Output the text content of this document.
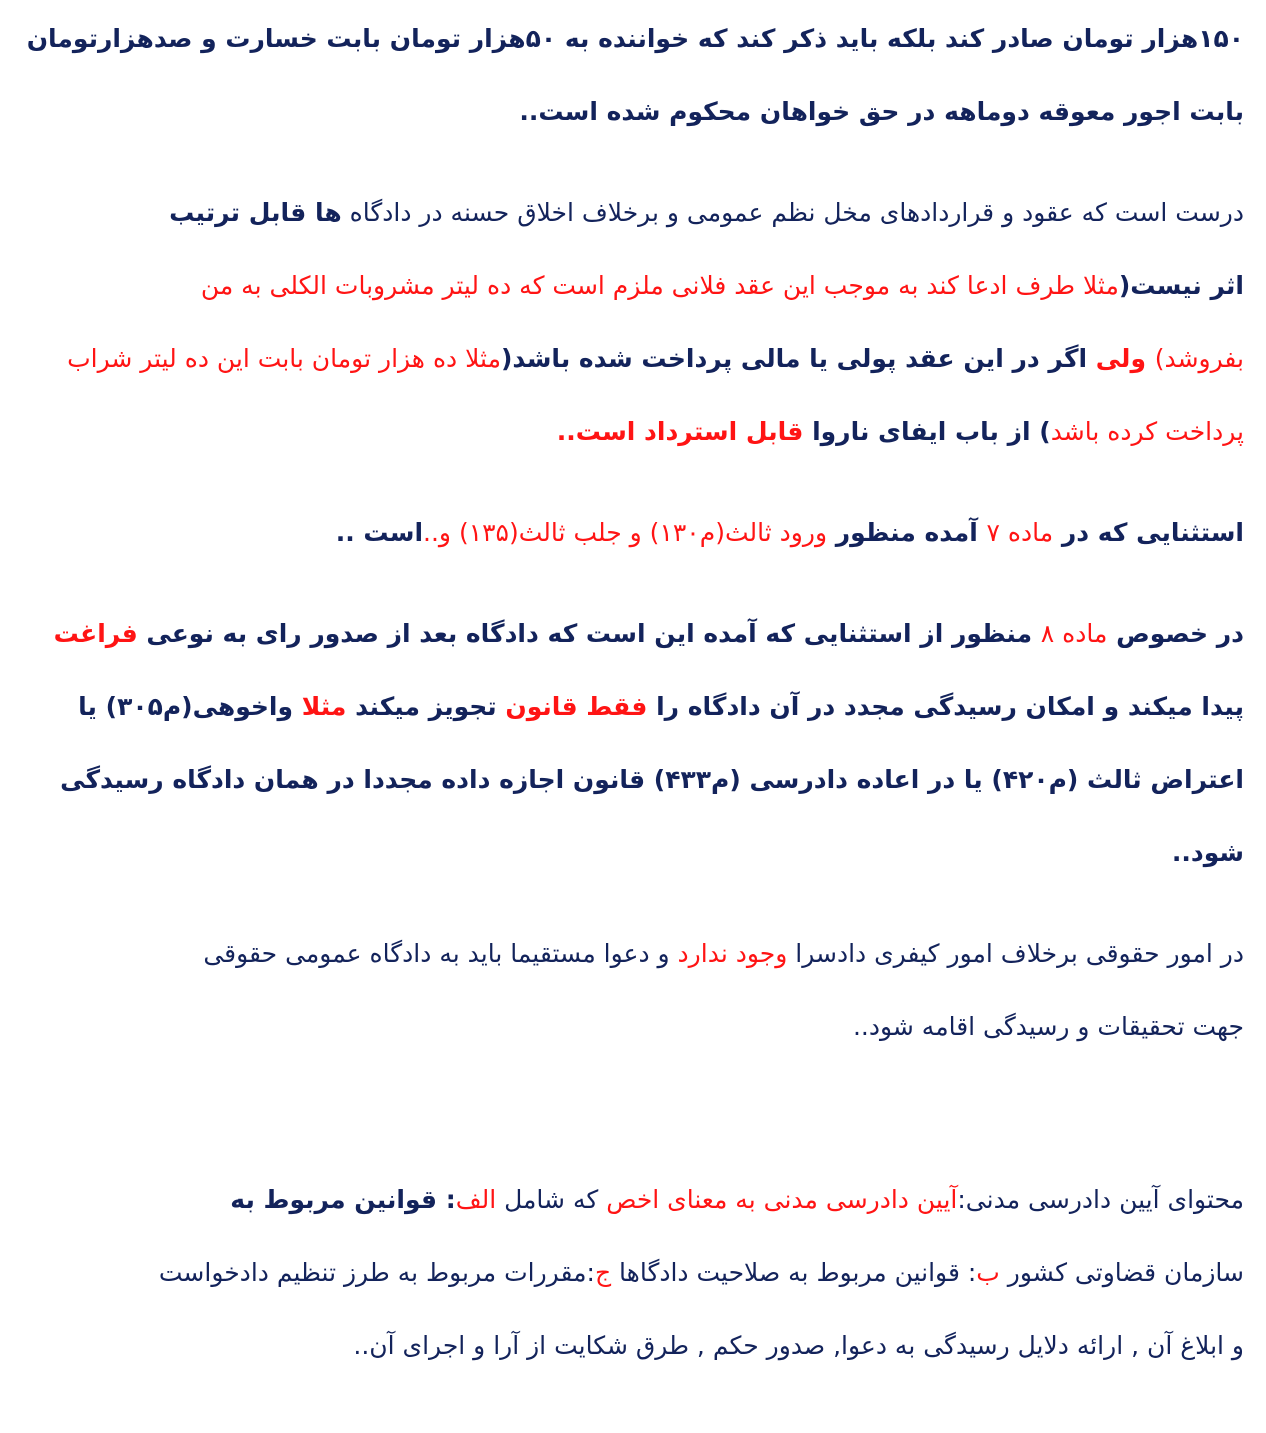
۱۵۰هزار تومان صادر کند بلکه باید ذکر کند که خواننده به ۵۰هزار تومان بابت خسارت و صدهزارتومان
بابت اجور معوقه دوماهه در حق خواهان محکوم شده است..

درست است که عقود و قراردادهای مخل نظم عمومی و برخلاف اخلاق حسنه در دادگاه ها قابل ترتیب
اثر نیست(مثلا طرف ادعا کند به موجب این عقد فلانی ملزم است که ده لیتر مشروبات الکلی به من
بفروشد) ولی اگر در این عقد پولی یا مالی پرداخت شده باشد(مثلا ده هزار تومان بابت این ده لیتر شراب
پرداخت کرده باشد) از باب ایفای ناروا قابل استرداد است..

استثنایی که در ماده ۷ آمده منظور ورود ثالث(م۱۳۰) و جلب ثالث(۱۳۵) و..است ..

در خصوص ماده ۸ منظور از استثنایی که آمده این است که دادگاه بعد از صدور رای به نوعی فراغت
پیدا میکند و امکان رسیدگی مجدد در آن دادگاه را فقط قانون تجویز میکند مثلا واخوهی(م۳۰۵) یا
اعتراض ثالث (م۴۲۰) یا در اعاده دادرسی (م۴۳۳) قانون اجازه داده مجددا در همان دادگاه رسیدگی
شود..

در امور حقوقی برخلاف امور کیفری دادسرا وجود ندارد و دعوا مستقیما باید به دادگاه عمومی حقوقی
جهت تحقیقات و رسیدگی اقامه شود..

محتوای آیین دادرسی مدنی:آیین دادرسی مدنی به معنای اخص که شامل الف: قوانین مربوط به
سازمان قضاوتی کشور ب: قوانین مربوط به صلاحیت دادگاها ج:مقررات مربوط به طرز تنظیم دادخواست
و ابلاغ آن , ارائه دلایل رسیدگی به دعوا, صدور حکم , طرق شکایت از آرا و اجرای آن..
